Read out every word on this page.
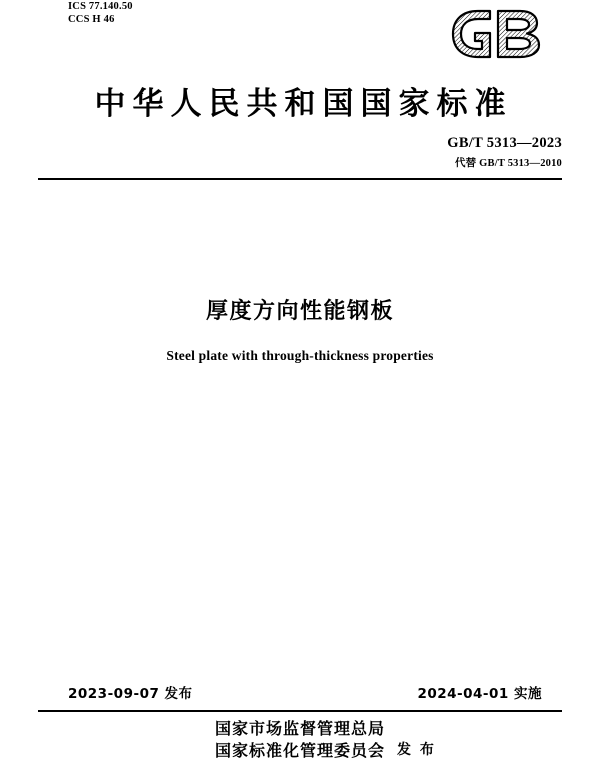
ICS 77.140.50
CCS H 46
中华人民共和国国家标准
GB/T 5313—2023
代替 GB/T 5313—2010
厚度方向性能钢板
Steel plate with through-thickness properties
2023-09-07 发布	2024-04-01 实施
国家市场监督管理总局
国家标准化管理委员会 发 布
